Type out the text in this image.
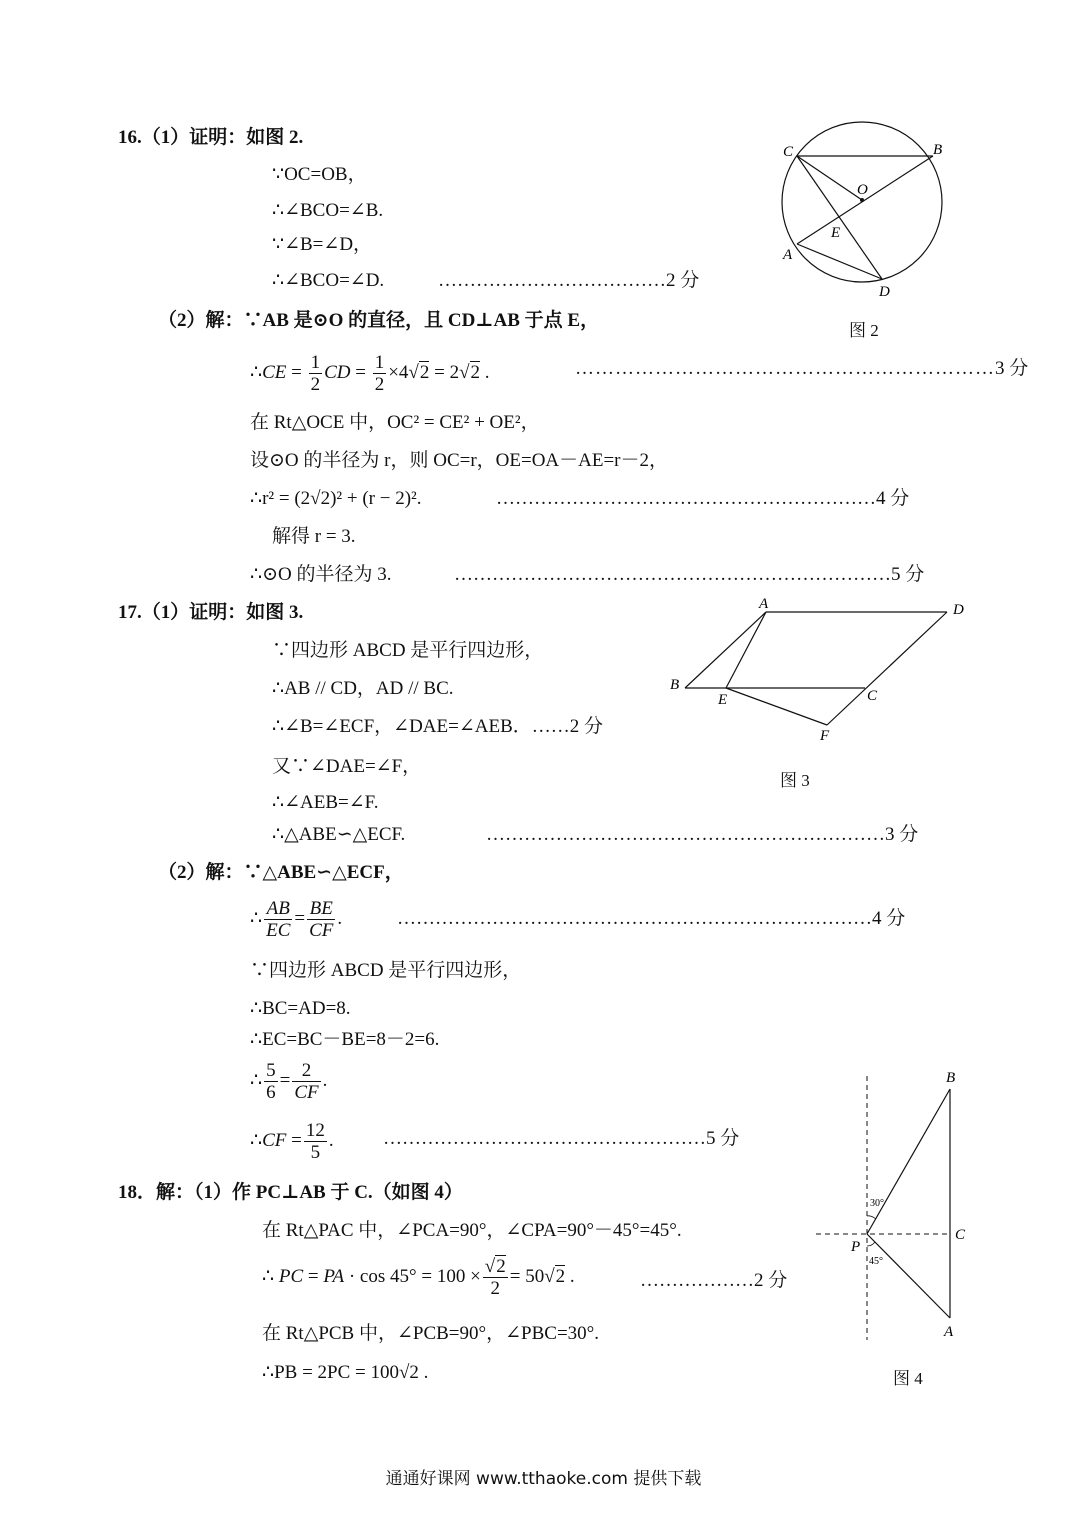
16.（1）证明：如图 2.
∵OC=OB，
∴∠BCO=∠B.
∵∠B=∠D，
∴∠BCO=∠D.	………………………………2 分
（2）解：∵AB 是⊙O 的直径，且 CD⊥AB 于点 E，
∴CE = $\frac{1}{2}$ CD = $\frac{1}{2} \times 4√2 = 2√2$ .	………………………………………………………3 分
在 Rt△OCE 中，OC² = CE² + OE²，
设⊙O 的半径为 r，则 OC=r，OE=OA－AE=r－2，
∴r² = (2√2)² + (r − 2)².	……………………………………………………4 分
解得 r = 3.
∴⊙O 的半径为 3.	……………………………………………………………5 分
C	B
O
E
A
D
图 2
17.（1）证明：如图 3.
∵四边形 ABCD 是平行四边形，
∴AB // CD，AD // BC.
∴∠B=∠ECF，∠DAE=∠AEB．……2 分
又∵∠DAE=∠F，
∴∠AEB=∠F.
∴△ABE∽△ECF.	………………………………………………………3 分
（2）解：∵△ABE∽△ECF，
∴ $\frac{AB}{EC} = \frac{BE}{CF}$ .	…………………………………………………………………4 分
∵四边形 ABCD 是平行四边形，
∴BC=AD=8.
∴EC=BC－BE=8－2=6.
∴ $\frac{5}{6} = \frac{2}{CF}$ .
∴CF = $\frac{12}{5}$ .	……………………………………………5 分
A	D
B
E	C
F
图 3
18．解：（1）作 PC⊥AB 于 C.（如图 4）
在 Rt△PAC 中，∠PCA=90°，∠CPA=90°－45°=45°.
∴ PC = PA · $\cos 45^\circ = 100 \times \frac{√2}{2} = 50√2$ .	………………2 分
在 Rt△PCB 中，∠PCB=90°，∠PBC=30°.
∴PB = 2PC = 100√2 .
B
C
P
A
30°
45°
图 4
通通好课网 www.tthaoke.com 提供下载
